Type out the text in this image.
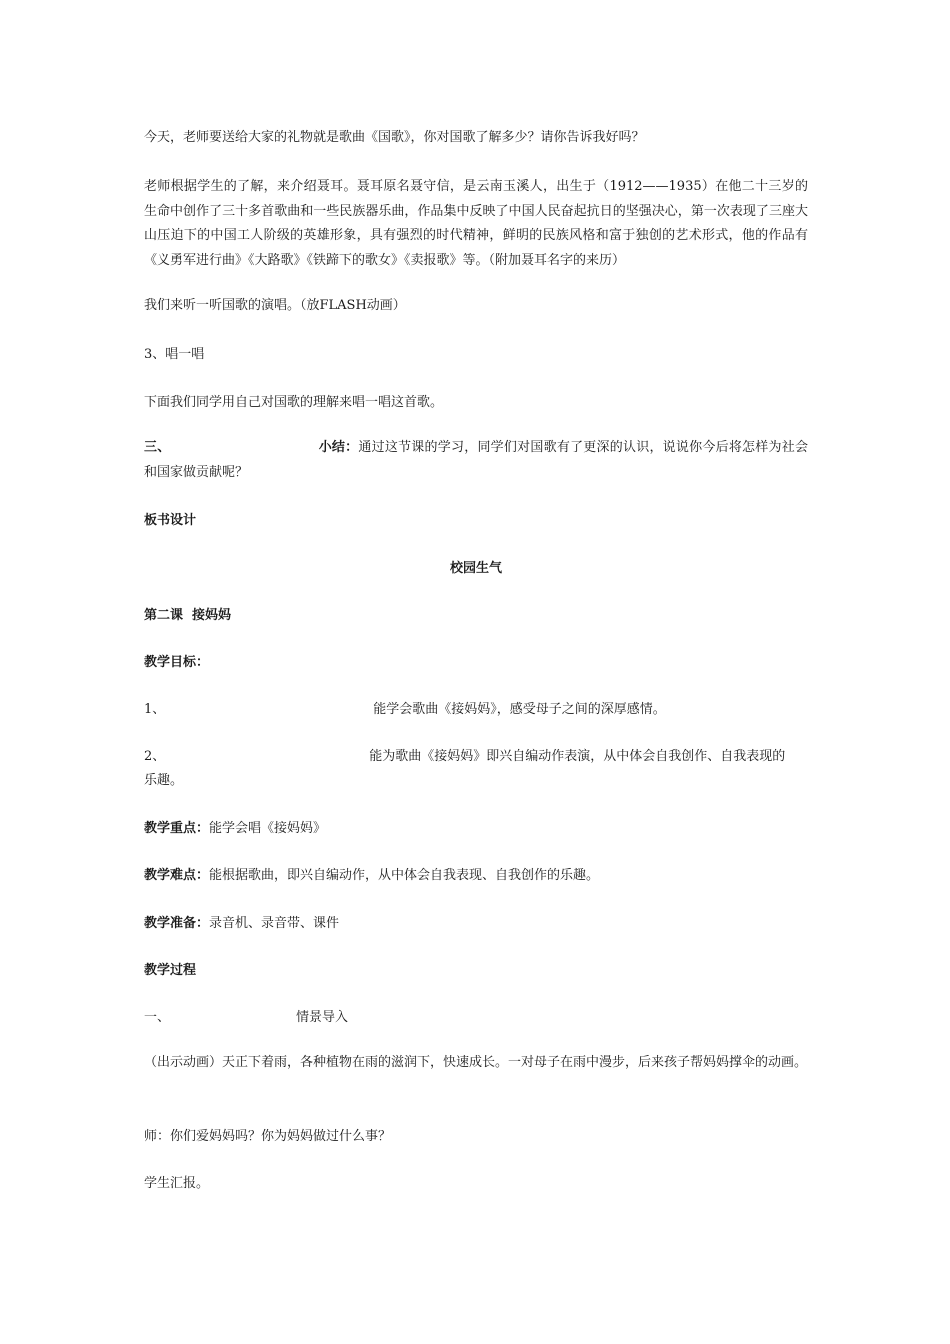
今天，老师要送给大家的礼物就是歌曲《国歌》，你对国歌了解多少？请你告诉我好吗？
老师根据学生的了解，来介绍聂耳。聂耳原名聂守信，是云南玉溪人，出生于（1912——1935）在他二十三岁的生命中创作了三十多首歌曲和一些民族器乐曲，作品集中反映了中国人民奋起抗日的坚强决心，第一次表现了三座大山压迫下的中国工人阶级的英雄形象，具有强烈的时代精神，鲜明的民族风格和富于独创的艺术形式，他的作品有《义勇军进行曲》《大路歌》《铁蹄下的歌女》《卖报歌》等。（附加聂耳名字的来历）
我们来听一听国歌的演唱。（放FLASH动画）
3、唱一唱
下面我们同学用自己对国歌的理解来唱一唱这首歌。
三、	小结：通过这节课的学习，同学们对国歌有了更深的认识，说说你今后将怎样为社会和国家做贡献呢？
板书设计
校园生气
第二课  接妈妈
教学目标：
1、	能学会歌曲《接妈妈》，感受母子之间的深厚感情。
2、	能为歌曲《接妈妈》即兴自编动作表演，从中体会自我创作、自我表现的
乐趣。
教学重点：能学会唱《接妈妈》
教学难点：能根据歌曲，即兴自编动作，从中体会自我表现、自我创作的乐趣。
教学准备：录音机、录音带、课件
教学过程
一、	情景导入
（出示动画）天正下着雨，各种植物在雨的滋润下，快速成长。一对母子在雨中漫步，后来孩子帮妈妈撑伞的动画。
师：你们爱妈妈吗？你为妈妈做过什么事？
学生汇报。
